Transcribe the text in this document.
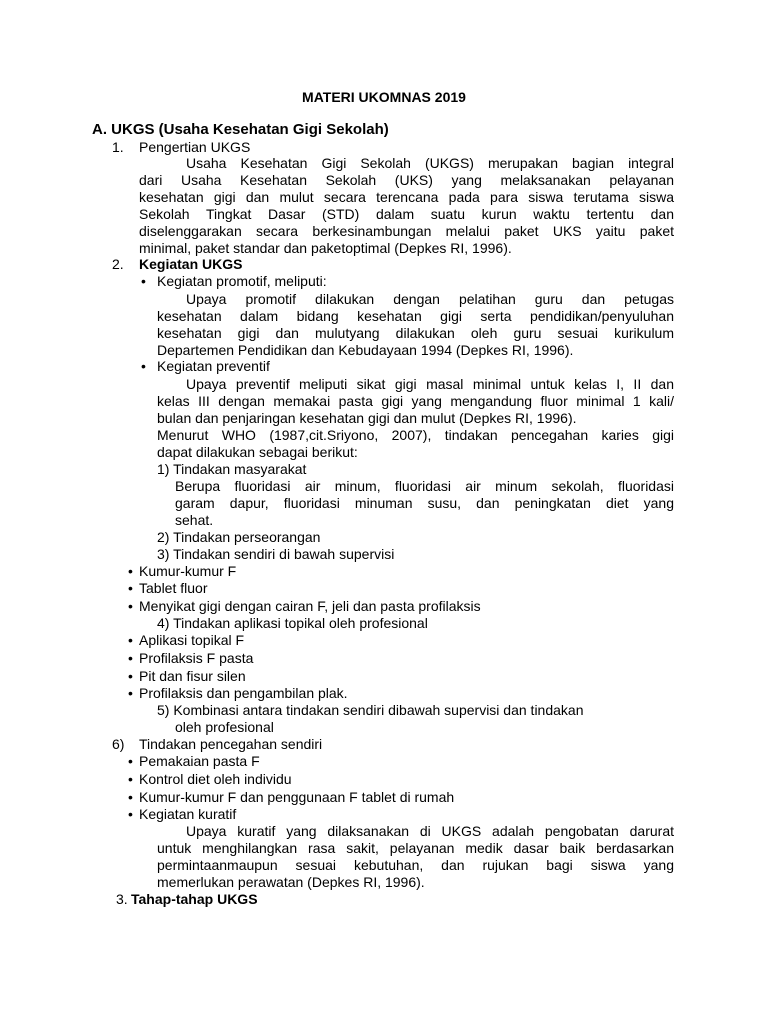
MATERI UKOMNAS 2019
A. UKGS (Usaha Kesehatan Gigi Sekolah)
1. Pengertian UKGS
Usaha Kesehatan Gigi Sekolah (UKGS) merupakan bagian integral
dari Usaha Kesehatan Sekolah (UKS) yang melaksanakan pelayanan
kesehatan gigi dan mulut secara terencana pada para siswa terutama siswa
Sekolah Tingkat Dasar (STD) dalam suatu kurun waktu tertentu dan
diselenggarakan secara berkesinambungan melalui paket UKS yaitu paket
minimal, paket standar dan paketoptimal (Depkes RI, 1996).
2. Kegiatan UKGS
• Kegiatan promotif, meliputi:
Upaya promotif dilakukan dengan pelatihan guru dan petugas
kesehatan dalam bidang kesehatan gigi serta pendidikan/penyuluhan
kesehatan gigi dan mulutyang dilakukan oleh guru sesuai kurikulum
Departemen Pendidikan dan Kebudayaan 1994 (Depkes RI, 1996).
• Kegiatan preventif
Upaya preventif meliputi sikat gigi masal minimal untuk kelas I, II dan
kelas III dengan memakai pasta gigi yang mengandung fluor minimal 1 kali/
bulan dan penjaringan kesehatan gigi dan mulut (Depkes RI, 1996).
Menurut WHO (1987,cit.Sriyono, 2007), tindakan pencegahan karies gigi
dapat dilakukan sebagai berikut:
1) Tindakan masyarakat
Berupa fluoridasi air minum, fluoridasi air minum sekolah, fluoridasi
garam dapur, fluoridasi minuman susu, dan peningkatan diet yang
sehat.
2) Tindakan perseorangan
3) Tindakan sendiri di bawah supervisi
• Kumur-kumur F
• Tablet fluor
• Menyikat gigi dengan cairan F, jeli dan pasta profilaksis
4) Tindakan aplikasi topikal oleh profesional
• Aplikasi topikal F
• Profilaksis F pasta
• Pit dan fisur silen
• Profilaksis dan pengambilan plak.
5) Kombinasi antara tindakan sendiri dibawah supervisi dan tindakan
oleh profesional
6) Tindakan pencegahan sendiri
• Pemakaian pasta F
• Kontrol diet oleh individu
• Kumur-kumur F dan penggunaan F tablet di rumah
• Kegiatan kuratif
Upaya kuratif yang dilaksanakan di UKGS adalah pengobatan darurat
untuk menghilangkan rasa sakit, pelayanan medik dasar baik berdasarkan
permintaanmaupun sesuai kebutuhan, dan rujukan bagi siswa yang
memerlukan perawatan (Depkes RI, 1996).
3. Tahap-tahap UKGS
